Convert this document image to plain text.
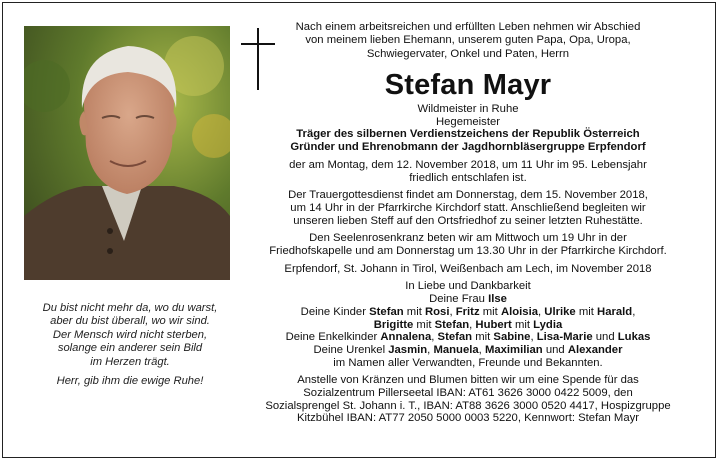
Nach einem arbeitsreichen und erfüllten Leben nehmen wir Abschied
von meinem lieben Ehemann, unserem guten Papa, Opa, Uropa,
Schwiegervater, Onkel und Paten, Herrn
Stefan Mayr
Wildmeister in Ruhe
Hegemeister
Träger des silbernen Verdienstzeichens der Republik Österreich
Gründer und Ehrenobmann der Jagdhornbläsergruppe Erpfendorf
der am Montag, dem 12. November 2018, um 11 Uhr im 95. Lebensjahr
friedlich entschlafen ist.
Der Trauergottesdienst findet am Donnerstag, dem 15. November 2018,
um 14 Uhr in der Pfarrkirche Kirchdorf statt. Anschließend begleiten wir
unseren lieben Steff auf den Ortsfriedhof zu seiner letzten Ruhestätte.
Den Seelenrosenkranz beten wir am Mittwoch um 19 Uhr in der
Friedhofskapelle und am Donnerstag um 13.30 Uhr in der Pfarrkirche Kirchdorf.
Erpfendorf, St. Johann in Tirol, Weißenbach am Lech, im November 2018
In Liebe und Dankbarkeit
Deine Frau Ilse
Deine Kinder Stefan mit Rosi, Fritz mit Aloisia, Ulrike mit Harald,
Brigitte mit Stefan, Hubert mit Lydia
Deine Enkelkinder Annalena, Stefan mit Sabine, Lisa-Marie und Lukas
Deine Urenkel Jasmin, Manuela, Maximilian und Alexander
im Namen aller Verwandten, Freunde und Bekannten.
Anstelle von Kränzen und Blumen bitten wir um eine Spende für das
Sozialzentrum Pillerseetal IBAN: AT61 3626 3000 0422 5009, den
Sozialsprengel St. Johann i. T., IBAN: AT88 3626 3000 0520 4417, Hospizgruppe
Kitzbühel IBAN: AT77 2050 5000 0003 5220, Kennwort: Stefan Mayr
Du bist nicht mehr da, wo du warst,
aber du bist überall, wo wir sind.
Der Mensch wird nicht sterben,
solange ein anderer sein Bild
im Herzen trägt.
Herr, gib ihm die ewige Ruhe!
